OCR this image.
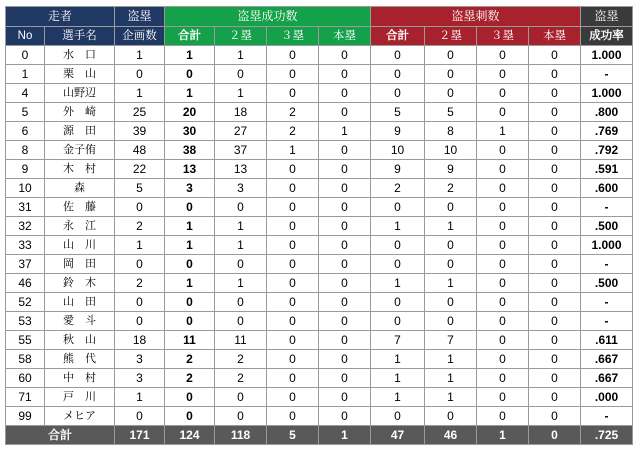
走者		盗塁	盗塁成功数				盗塁刺数				盗塁
No	選手名	企画数	合計	２塁	３塁	本塁	合計	２塁	３塁	本塁	成功率
0	水　口	1	1	1	0	0	0	0	0	0	1.000
1	栗　山	0	0	0	0	0	0	0	0	0	-
4	山野辺	1	1	1	0	0	0	0	0	0	1.000
5	外　崎	25	20	18	2	0	5	5	0	0	.800
6	源　田	39	30	27	2	1	9	8	1	0	.769
8	金子侑	48	38	37	1	0	10	10	0	0	.792
9	木　村	22	13	13	0	0	9	9	0	0	.591
10	森	5	3	3	0	0	2	2	0	0	.600
31	佐　藤	0	0	0	0	0	0	0	0	0	-
32	永　江	2	1	1	0	0	1	1	0	0	.500
33	山　川	1	1	1	0	0	0	0	0	0	1.000
37	岡　田	0	0	0	0	0	0	0	0	0	-
46	鈴　木	2	1	1	0	0	1	1	0	0	.500
52	山　田	0	0	0	0	0	0	0	0	0	-
53	愛　斗	0	0	0	0	0	0	0	0	0	-
55	秋　山	18	11	11	0	0	7	7	0	0	.611
58	熊　代	3	2	2	0	0	1	1	0	0	.667
60	中　村	3	2	2	0	0	1	1	0	0	.667
71	戸　川	1	0	0	0	0	1	1	0	0	.000
99	メヒア	0	0	0	0	0	0	0	0	0	-
合計		171	124	118	5	1	47	46	1	0	.725
